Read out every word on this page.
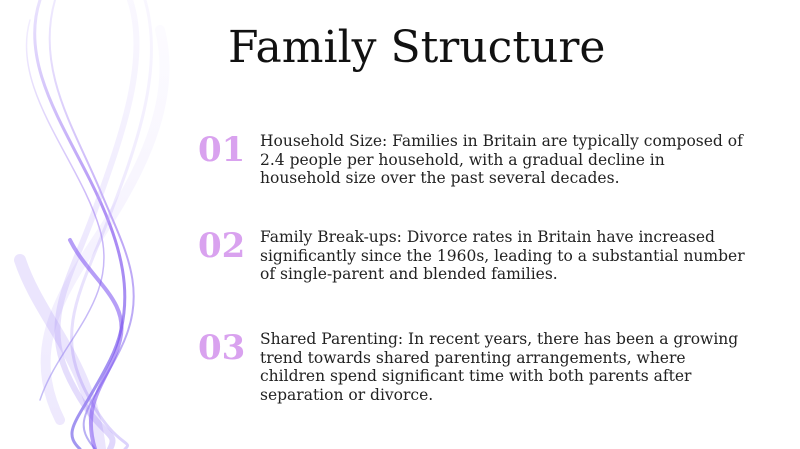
Family Structure
01 Household Size: Families in Britain are typically composed of 2.4 people per household, with a gradual decline in household size over the past several decades.
02 Family Break-ups: Divorce rates in Britain have increased significantly since the 1960s, leading to a substantial number of single-parent and blended families.
03 Shared Parenting: In recent years, there has been a growing trend towards shared parenting arrangements, where children spend significant time with both parents after separation or divorce.
